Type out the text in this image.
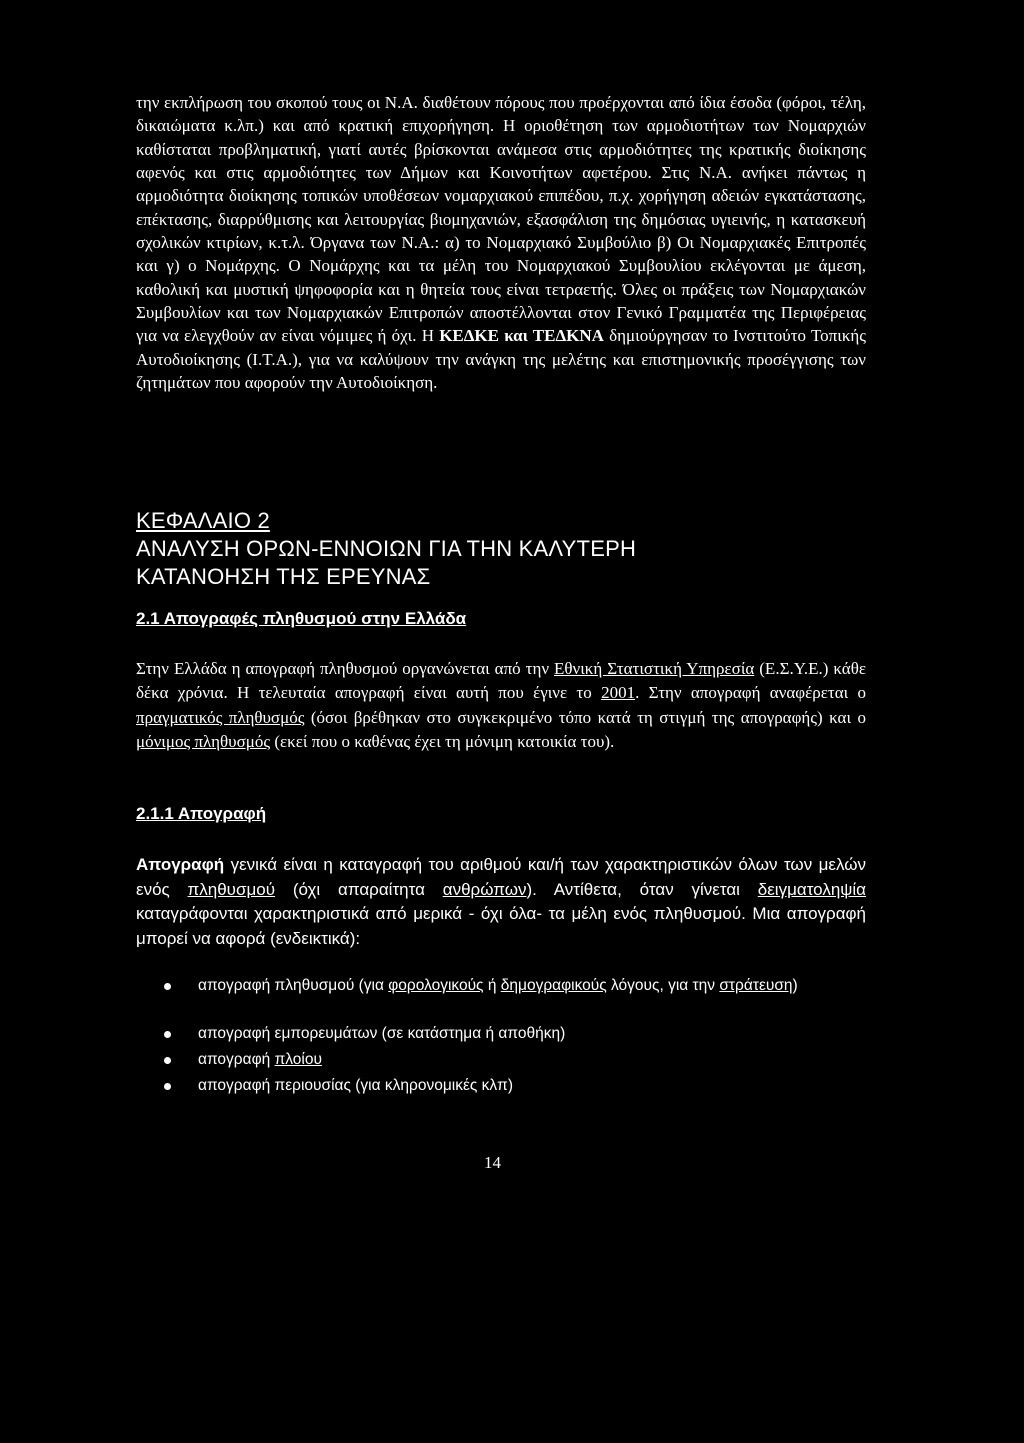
την εκπλήρωση του σκοπού τους οι Ν.Α. διαθέτουν πόρους που προέρχονται από ίδια έσοδα (φόροι, τέλη, δικαιώματα κ.λπ.) και από κρατική επιχορήγηση. Η οριοθέτηση των αρμοδιοτήτων των Νομαρχιών καθίσταται προβληματική, γιατί αυτές βρίσκονται ανάμεσα στις αρμοδιότητες της κρατικής διοίκησης αφενός και στις αρμοδιότητες των Δήμων και Κοινοτήτων αφετέρου. Στις Ν.Α. ανήκει πάντως η αρμοδιότητα διοίκησης τοπικών υποθέσεων νομαρχιακού επιπέδου, π.χ. χορήγηση αδειών εγκατάστασης, επέκτασης, διαρρύθμισης και λειτουργίας βιομηχανιών, εξασφάλιση της δημόσιας υγιεινής, η κατασκευή σχολικών κτιρίων, κ.τ.λ. Όργανα των Ν.Α.: α) το Νομαρχιακό Συμβούλιο β) Οι Νομαρχιακές Επιτροπές και γ) ο Νομάρχης. Ο Νομάρχης και τα μέλη του Νομαρχιακού Συμβουλίου εκλέγονται με άμεση, καθολική και μυστική ψηφοφορία και η θητεία τους είναι τετραετής. Όλες οι πράξεις των Νομαρχιακών Συμβουλίων και των Νομαρχιακών Επιτροπών αποστέλλονται στον Γενικό Γραμματέα της Περιφέρειας για να ελεγχθούν αν είναι νόμιμες ή όχι. Η ΚΕΔΚΕ και ΤΕΔΚΝΑ δημιούργησαν το Ινστιτούτο Τοπικής Αυτοδιοίκησης (Ι.Τ.Α.), για να καλύψουν την ανάγκη της μελέτης και επιστημονικής προσέγγισης των ζητημάτων που αφορούν την Αυτοδιοίκηση.

ΚΕΦΑΛΑΙΟ 2
ΑΝΑΛΥΣΗ ΟΡΩΝ-ΕΝΝΟΙΩΝ ΓΙΑ ΤΗΝ ΚΑΛΥΤΕΡΗ
ΚΑΤΑΝΟΗΣΗ ΤΗΣ ΕΡΕΥΝΑΣ
2.1 Απογραφές πληθυσμού στην Ελλάδα

Στην Ελλάδα η απογραφή πληθυσμού οργανώνεται από την Εθνική Στατιστική Υπηρεσία (Ε.Σ.Υ.Ε.) κάθε δέκα χρόνια. Η τελευταία απογραφή είναι αυτή που έγινε το 2001. Στην απογραφή αναφέρεται ο πραγματικός πληθυσμός (όσοι βρέθηκαν στο συγκεκριμένο τόπο κατά τη στιγμή της απογραφής) και ο μόνιμος πληθυσμός (εκεί που ο καθένας έχει τη μόνιμη κατοικία του).

2.1.1 Απογραφή

Απογραφή γενικά είναι η καταγραφή του αριθμού και/ή των χαρακτηριστικών όλων των μελών ενός πληθυσμού (όχι απαραίτητα ανθρώπων). Αντίθετα, όταν γίνεται δειγματοληψία καταγράφονται χαρακτηριστικά από μερικά - όχι όλα- τα μέλη ενός πληθυσμού. Μια απογραφή μπορεί να αφορά (ενδεικτικά):

απογραφή πληθυσμού (για φορολογικούς ή δημογραφικούς λόγους, για την στράτευση)
απογραφή εμπορευμάτων (σε κατάστημα ή αποθήκη)
απογραφή πλοίου
απογραφή περιουσίας (για κληρονομικές κλπ)
14
